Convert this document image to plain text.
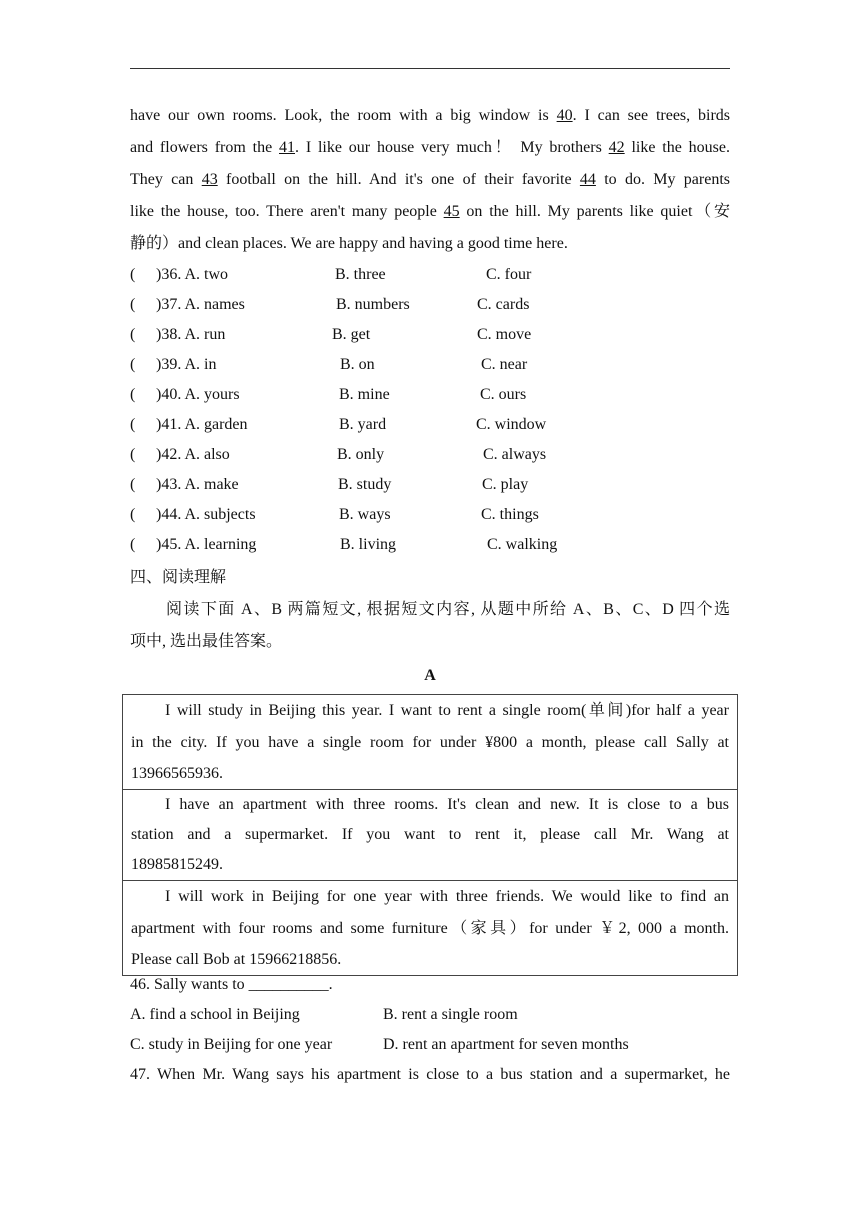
have our own rooms. Look, the room with a big window is 40. I can see trees, birds
and flowers from the 41. I like our house very much！ My brothers 42 like the house.
They can 43 football on the hill. And it's one of their favorite 44 to do. My parents
like the house, too. There aren't many people 45 on the hill. My parents like quiet（安
静的）and clean places. We are happy and having a good time here.
( )36. A. two	B. three	C. four
( )37. A. names	B. numbers	C. cards
( )38. A. run	B. get	C. move
( )39. A. in	B. on	C. near
( )40. A. yours	B. mine	C. ours
( )41. A. garden	B. yard	C. window
( )42. A. also	B. only	C. always
( )43. A. make	B. study	C. play
( )44. A. subjects	B. ways	C. things
( )45. A. learning	B. living	C. walking
四、阅读理解
阅读下面 A、B 两篇短文, 根据短文内容, 从题中所给 A、B、C、D 四个选
项中, 选出最佳答案。
A
I will study in Beijing this year. I want to rent a single room(单间)for half a year
in the city. If you have a single room for under ¥800 a month, please call Sally at
13966565936.
I have an apartment with three rooms. It's clean and new. It is close to a bus
station and a supermarket. If you want to rent it, please call Mr. Wang at
18985815249.
I will work in Beijing for one year with three friends. We would like to find an
apartment with four rooms and some furniture（家具）for under ￥2, 000 a month.
Please call Bob at 15966218856.
46. Sally wants to __________.
A. find a school in Beijing	B. rent a single room
C. study in Beijing for one year	D. rent an apartment for seven months
47. When Mr. Wang says his apartment is close to a bus station and a supermarket, he
